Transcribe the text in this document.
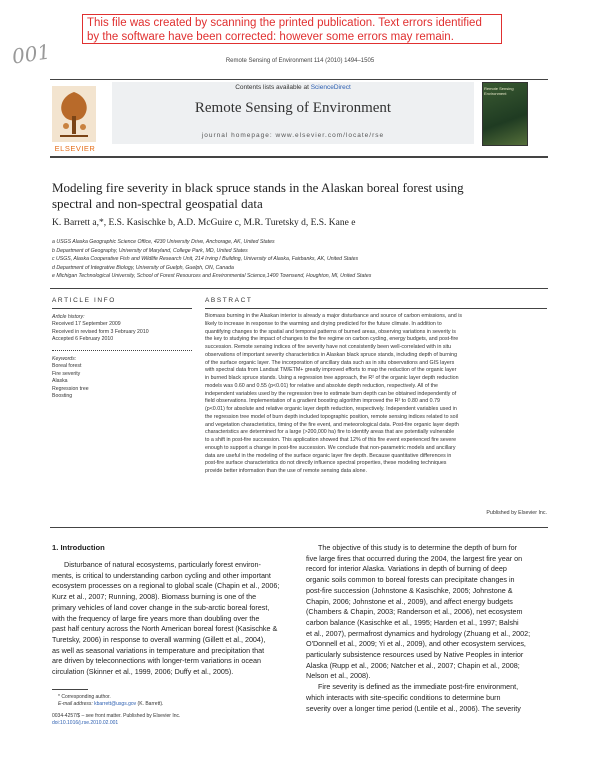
This file was created by scanning the printed publication. Text errors identified
by the software have been corrected: however some errors may remain.
001	Remote Sensing of Environment 114 (2010) 1494–1505
ELSEVIER
Contents lists available at ScienceDirect
Remote Sensing of Environment
journal homepage: www.elsevier.com/locate/rse
Remote Sensing Environment
Modeling fire severity in black spruce stands in the Alaskan boreal forest using
spectral and non-spectral geospatial data
K. Barrett a,*, E.S. Kasischke b, A.D. McGuire c, M.R. Turetsky d, E.S. Kane e
a USGS Alaska Geographic Science Office, 4230 University Drive, Anchorage, AK, United States
b Department of Geography, University of Maryland, College Park, MD, United States
c USGS, Alaska Cooperative Fish and Wildlife Research Unit, 214 Irving I Building, University of Alaska, Fairbanks, AK, United States
d Department of Integrative Biology, University of Guelph, Guelph, ON, Canada
e Michigan Technological University, School of Forest Resources and Environmental Science,1400 Townsend, Houghton, MI, United States
ARTICLE INFO
Article history:
Received 17 September 2009
Received in revised form 3 February 2010
Accepted 6 February 2010
Keywords:
Boreal forest
Fire severity
Alaska
Regression tree
Boosting
ABSTRACT
Biomass burning in the Alaskan interior is already a major disturbance and source of carbon emissions, and is
likely to increase in response to the warming and drying predicted for the future climate. In addition to
quantifying changes to the spatial and temporal patterns of burned areas, observing variations in severity is
the key to studying the impact of changes to the fire regime on carbon cycling, energy budgets, and post-fire
succession. Remote sensing indices of fire severity have not consistently been well-correlated with in situ
observations of important severity characteristics in Alaskan black spruce stands, including depth of burning
of the surface organic layer. The incorporation of ancillary data such as in situ observations and GIS layers
with spectral data from Landsat TM/ETM+ greatly improved efforts to map the reduction of the organic layer
in burned black spruce stands. Using a regression tree approach, the R² of the organic layer depth reduction
models was 0.60 and 0.55 (p<0.01) for relative and absolute depth reduction, respectively. All of the
independent variables used by the regression tree to estimate burn depth can be obtained independently of
field observations. Implementation of a gradient boosting algorithm improved the R² to 0.80 and 0.79
(p<0.01) for absolute and relative organic layer depth reduction, respectively. Independent variables used in
the regression tree model of burn depth included topographic position, remote sensing indices related to soil
and vegetation characteristics, timing of the fire event, and meteorological data. Post-fire organic layer depth
characteristics are determined for a large (>200,000 ha) fire to identify areas that are potentially vulnerable
to a shift in post-fire succession. This application showed that 12% of this fire event experienced fire severe
enough to support a change in post-fire succession. We conclude that non-parametric models and ancillary
data are useful in the modeling of the surface organic layer fire depth. Because quantitative differences in
post-fire surface characteristics do not directly influence spectral properties, these modeling techniques
provide better information than the use of remote sensing data alone.
Published by Elsevier Inc.
1. Introduction
Disturbance of natural ecosystems, particularly forest environ-
ments, is critical to understanding carbon cycling and other important
ecosystem processes on a regional to global scale (Chapin et al., 2006;
Kurz et al., 2007; Running, 2008). Biomass burning is one of the
primary vehicles of land cover change in the sub-arctic boreal forest,
with the frequency of large fire years more than doubling over the
past half century across the North American boreal forest (Kasischke &
Turetsky, 2006) in response to overall warming (Gillett et al., 2004),
as well as seasonal variations in temperature and precipitation that
are driven by teleconnections with longer-term variations in ocean
circulation (Skinner et al., 1999, 2006; Duffy et al., 2005).
The objective of this study is to determine the depth of burn for
five large fires that occurred during the 2004, the largest fire year on
record for interior Alaska. Variations in depth of burning of deep
organic soils common to boreal forests can precipitate changes in
post-fire succession (Johnstone & Kasischke, 2005; Johnstone &
Chapin, 2006; Johnstone et al., 2009), and affect energy budgets
(Chambers & Chapin, 2003; Randerson et al., 2006), net ecosystem
carbon balance (Kasischke et al., 1995; Harden et al., 1997; Balshi
et al., 2007), permafrost dynamics and hydrology (Zhuang et al., 2002;
O'Donnell et al., 2009; Yi et al., 2009), and other ecosystem services,
particularly subsistence resources used by Native Peoples in interior
Alaska (Rupp et al., 2006; Natcher et al., 2007; Chapin et al., 2008;
Nelson et al., 2008).
Fire severity is defined as the immediate post-fire environment,
which interacts with site-specific conditions to determine burn
severity over a longer time period (Lentile et al., 2006). The severity
* Corresponding author.
E-mail address: kbarrett@usgs.gov (K. Barrett).
0034-4257/$ – see front matter. Published by Elsevier Inc.
doi:10.1016/j.rse.2010.02.001
